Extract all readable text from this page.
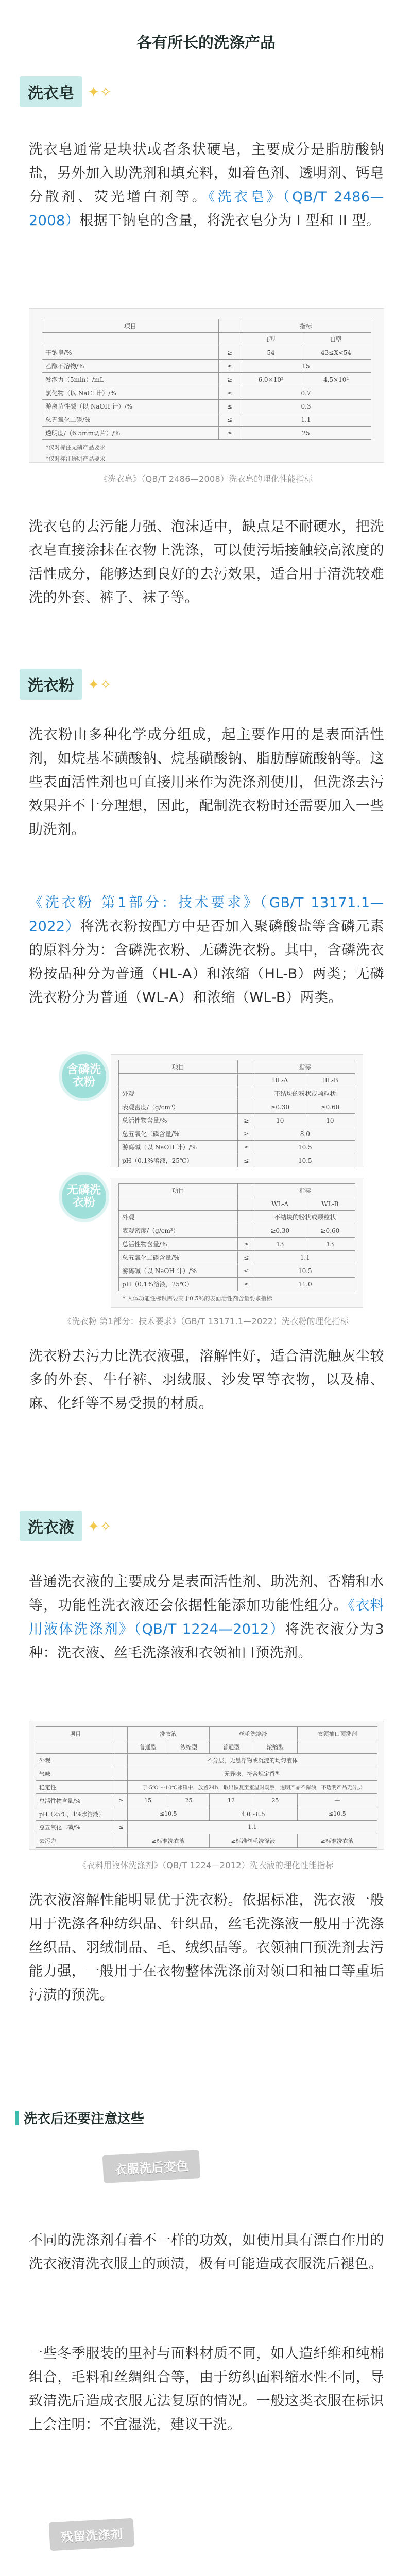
各有所长的洗涤产品
洗衣皂 ✦✧
洗衣皂通常是块状或者条状硬皂，主要成分是脂肪酸钠盐，另外加入助洗剂和填充料，如着色剂、透明剂、钙皂分散剂、荧光增白剂等。《洗衣皂》（QB/T 2486—2008）根据干钠皂的含量，将洗衣皂分为 I 型和 II 型。
项目		指标	
		I型	II型
干钠皂/%	≥	54	43≤X<54
乙醇不溶物/%	≤	15	
发泡力（5min）/mL	≥	6.0×10²	4.5×10²
氯化物（以 NaCl 计）/%	≤	0.7	
游离苛性碱（以 NaOH 计）/%	≤	0.3	
总五氧化二磷/%	≤	1.1	
透明度/（6.5mm切片）/%	≥	25	
*仅对标注无磷产品要求
*仅对标注透明产品要求
《洗衣皂》（QB/T 2486—2008）洗衣皂的理化性能指标
洗衣皂的去污能力强、泡沫适中，缺点是不耐硬水，把洗衣皂直接涂抹在衣物上洗涤，可以使污垢接触较高浓度的活性成分，能够达到良好的去污效果，适合用于清洗较难洗的外套、裤子、袜子等。
洗衣粉 ✦✧
洗衣粉由多种化学成分组成，起主要作用的是表面活性剂，如烷基苯磺酸钠、烷基磺酸钠、脂肪醇硫酸钠等。这些表面活性剂也可直接用来作为洗涤剂使用，但洗涤去污效果并不十分理想，因此，配制洗衣粉时还需要加入一些助洗剂。
《洗衣粉 第1部分：技术要求》（GB/T 13171.1—2022）将洗衣粉按配方中是否加入聚磷酸盐等含磷元素的原料分为：含磷洗衣粉、无磷洗衣粉。其中，含磷洗衣粉按品种分为普通（HL-A）和浓缩（HL-B）两类；无磷洗衣粉分为普通（WL-A）和浓缩（WL-B）两类。
含磷洗衣粉
项目		指标	
		HL-A	HL-B
外观		不结块的粉状或颗粒状	
表观密度/（g/cm³）		≥0.30	≥0.60
总活性物含量/%	≥	10	10
总五氧化二磷含量/%	≥	8.0	
游离碱（以 NaOH 计）/%	≤	10.5	
pH（0.1%溶液，25℃）	≤	10.5	
无磷洗衣粉
项目		指标	
		WL-A	WL-B
外观		不结块的粉状或颗粒状	
表观密度/（g/cm³）		≥0.30	≥0.60
总活性物含量/%	≥	13	13
总五氧化二磷含量/%	≤	1.1	
游离碱（以 NaOH 计）/%	≤	10.5	
pH（0.1%溶液，25℃）	≤	11.0	
* 人体功能性标识需要高于0.5％的表面活性剂含量要求指标
《洗衣粉 第1部分：技术要求》（GB/T 13171.1—2022）洗衣粉的理化指标
洗衣粉去污力比洗衣液强，溶解性好，适合清洗触灰尘较多的外套、牛仔裤、羽绒服、沙发罩等衣物，以及棉、麻、化纤等不易受损的材质。
洗衣液 ✦✧
普通洗衣液的主要成分是表面活性剂、助洗剂、香精和水等，功能性洗衣液还会依据性能添加功能性组分。《衣料用液体洗涤剂》（QB/T 1224—2012）将洗衣液分为3种：洗衣液、丝毛洗涤液和衣领袖口预洗剂。
项目		洗衣液		丝毛洗涤液		衣领袖口预洗剂
		普通型	浓缩型	普通型	浓缩型	
外观		不分层，无悬浮物或沉淀的均匀液体				
气味		无异味，符合规定香型				
稳定性		于-5℃～-10℃冰箱中，放置24h，取出恢复至室温时观察，透明产品不浑浊，不透明产品无分层				
总活性物含量/%	≥	15	25	12	25	—
pH（25℃，1%水溶液）		≤10.5		4.0～8.5		≤10.5
总五氧化二磷/%	≤	1.1				
去污力		≥标准洗衣液		≥标准丝毛洗涤液		≥标准洗衣液
《衣料用液体洗涤剂》（QB/T 1224—2012）洗衣液的理化性能指标
洗衣液溶解性能明显优于洗衣粉。依据标准，洗衣液一般用于洗涤各种纺织品、针织品，丝毛洗涤液一般用于洗涤丝织品、羽绒制品、毛、绒织品等。衣领袖口预洗剂去污能力强，一般用于在衣物整体洗涤前对领口和袖口等重垢污渍的预洗。
洗衣后还要注意这些
衣服洗后变色
不同的洗涤剂有着不一样的功效，如使用具有漂白作用的洗衣液清洗衣服上的顽渍，极有可能造成衣服洗后褪色。
一些冬季服装的里衬与面料材质不同，如人造纤维和纯棉组合，毛料和丝绸组合等，由于纺织面料缩水性不同，导致清洗后造成衣服无法复原的情况。一般这类衣服在标识上会注明：不宜湿洗，建议干洗。
残留洗涤剂
